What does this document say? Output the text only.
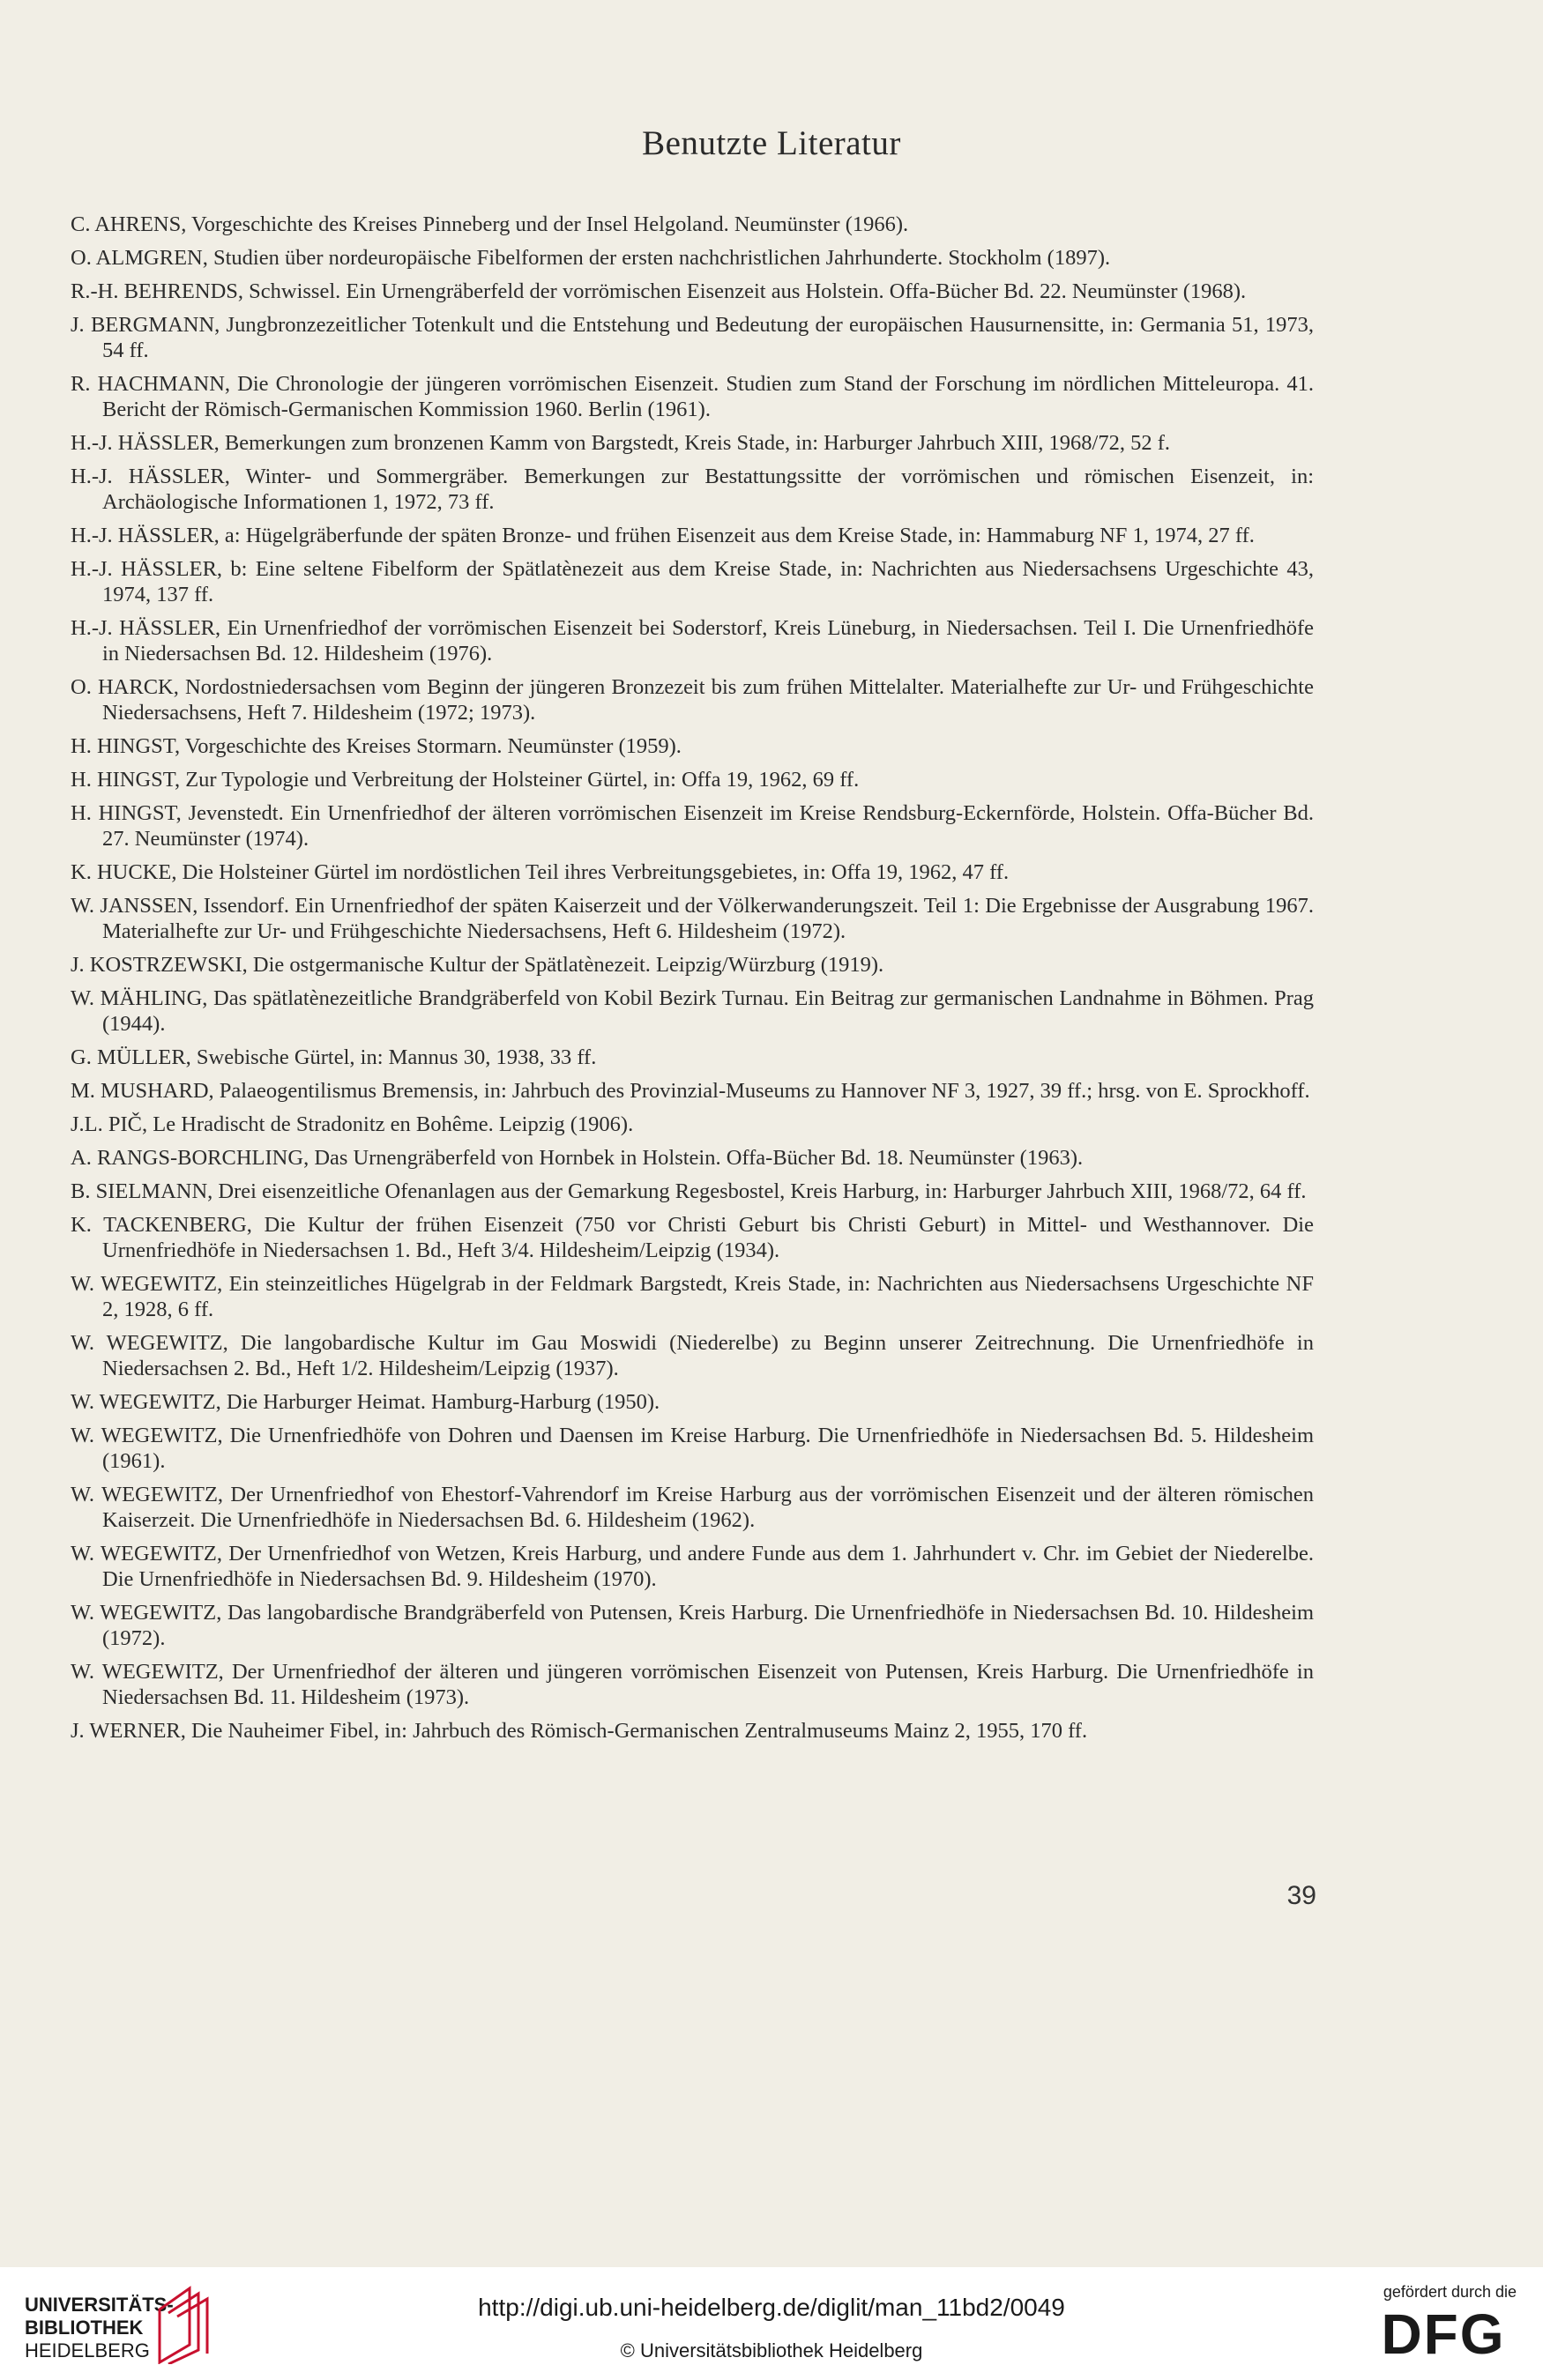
Benutzte Literatur
C. AHRENS, Vorgeschichte des Kreises Pinneberg und der Insel Helgoland. Neumünster (1966).
O. ALMGREN, Studien über nordeuropäische Fibelformen der ersten nachchristlichen Jahrhunderte. Stockholm (1897).
R.-H. BEHRENDS, Schwissel. Ein Urnengräberfeld der vorrömischen Eisenzeit aus Holstein. Offa-Bücher Bd. 22. Neumünster (1968).
J. BERGMANN, Jungbronzezeitlicher Totenkult und die Entstehung und Bedeutung der europäischen Hausurnensitte, in: Germania 51, 1973, 54 ff.
R. HACHMANN, Die Chronologie der jüngeren vorrömischen Eisenzeit. Studien zum Stand der Forschung im nördlichen Mitteleuropa. 41. Bericht der Römisch-Germanischen Kommission 1960. Berlin (1961).
H.-J. HÄSSLER, Bemerkungen zum bronzenen Kamm von Bargstedt, Kreis Stade, in: Harburger Jahrbuch XIII, 1968/72, 52 f.
H.-J. HÄSSLER, Winter- und Sommergräber. Bemerkungen zur Bestattungssitte der vorrömischen und römischen Eisenzeit, in: Archäologische Informationen 1, 1972, 73 ff.
H.-J. HÄSSLER, a: Hügelgräberfunde der späten Bronze- und frühen Eisenzeit aus dem Kreise Stade, in: Hammaburg NF 1, 1974, 27 ff.
H.-J. HÄSSLER, b: Eine seltene Fibelform der Spätlatènezeit aus dem Kreise Stade, in: Nachrichten aus Niedersachsens Urgeschichte 43, 1974, 137 ff.
H.-J. HÄSSLER, Ein Urnenfriedhof der vorrömischen Eisenzeit bei Soderstorf, Kreis Lüneburg, in Niedersachsen. Teil I. Die Urnenfriedhöfe in Niedersachsen Bd. 12. Hildesheim (1976).
O. HARCK, Nordostniedersachsen vom Beginn der jüngeren Bronzezeit bis zum frühen Mittelalter. Materialhefte zur Ur- und Frühgeschichte Niedersachsens, Heft 7. Hildesheim (1972; 1973).
H. HINGST, Vorgeschichte des Kreises Stormarn. Neumünster (1959).
H. HINGST, Zur Typologie und Verbreitung der Holsteiner Gürtel, in: Offa 19, 1962, 69 ff.
H. HINGST, Jevenstedt. Ein Urnenfriedhof der älteren vorrömischen Eisenzeit im Kreise Rendsburg-Eckernförde, Holstein. Offa-Bücher Bd. 27. Neumünster (1974).
K. HUCKE, Die Holsteiner Gürtel im nordöstlichen Teil ihres Verbreitungsgebietes, in: Offa 19, 1962, 47 ff.
W. JANSSEN, Issendorf. Ein Urnenfriedhof der späten Kaiserzeit und der Völkerwanderungszeit. Teil 1: Die Ergebnisse der Ausgrabung 1967. Materialhefte zur Ur- und Frühgeschichte Niedersachsens, Heft 6. Hildesheim (1972).
J. KOSTRZEWSKI, Die ostgermanische Kultur der Spätlatènezeit. Leipzig/Würzburg (1919).
W. MÄHLING, Das spätlatènezeitliche Brandgräberfeld von Kobil Bezirk Turnau. Ein Beitrag zur germanischen Landnahme in Böhmen. Prag (1944).
G. MÜLLER, Swebische Gürtel, in: Mannus 30, 1938, 33 ff.
M. MUSHARD, Palaeogentilismus Bremensis, in: Jahrbuch des Provinzial-Museums zu Hannover NF 3, 1927, 39 ff.; hrsg. von E. Sprockhoff.
J.L. PIČ, Le Hradischt de Stradonitz en Bohême. Leipzig (1906).
A. RANGS-BORCHLING, Das Urnengräberfeld von Hornbek in Holstein. Offa-Bücher Bd. 18. Neumünster (1963).
B. SIELMANN, Drei eisenzeitliche Ofenanlagen aus der Gemarkung Regesbostel, Kreis Harburg, in: Harburger Jahrbuch XIII, 1968/72, 64 ff.
K. TACKENBERG, Die Kultur der frühen Eisenzeit (750 vor Christi Geburt bis Christi Geburt) in Mittel- und Westhannover. Die Urnenfriedhöfe in Niedersachsen 1. Bd., Heft 3/4. Hildesheim/Leipzig (1934).
W. WEGEWITZ, Ein steinzeitliches Hügelgrab in der Feldmark Bargstedt, Kreis Stade, in: Nachrichten aus Niedersachsens Urgeschichte NF 2, 1928, 6 ff.
W. WEGEWITZ, Die langobardische Kultur im Gau Moswidi (Niederelbe) zu Beginn unserer Zeitrechnung. Die Urnenfriedhöfe in Niedersachsen 2. Bd., Heft 1/2. Hildesheim/Leipzig (1937).
W. WEGEWITZ, Die Harburger Heimat. Hamburg-Harburg (1950).
W. WEGEWITZ, Die Urnenfriedhöfe von Dohren und Daensen im Kreise Harburg. Die Urnenfriedhöfe in Niedersachsen Bd. 5. Hildesheim (1961).
W. WEGEWITZ, Der Urnenfriedhof von Ehestorf-Vahrendorf im Kreise Harburg aus der vorrömischen Eisenzeit und der älteren römischen Kaiserzeit. Die Urnenfriedhöfe in Niedersachsen Bd. 6. Hildesheim (1962).
W. WEGEWITZ, Der Urnenfriedhof von Wetzen, Kreis Harburg, und andere Funde aus dem 1. Jahrhundert v. Chr. im Gebiet der Niederelbe. Die Urnenfriedhöfe in Niedersachsen Bd. 9. Hildesheim (1970).
W. WEGEWITZ, Das langobardische Brandgräberfeld von Putensen, Kreis Harburg. Die Urnenfriedhöfe in Niedersachsen Bd. 10. Hildesheim (1972).
W. WEGEWITZ, Der Urnenfriedhof der älteren und jüngeren vorrömischen Eisenzeit von Putensen, Kreis Harburg. Die Urnenfriedhöfe in Niedersachsen Bd. 11. Hildesheim (1973).
J. WERNER, Die Nauheimer Fibel, in: Jahrbuch des Römisch-Germanischen Zentralmuseums Mainz 2, 1955, 170 ff.
39
UNIVERSITÄTS-
BIBLIOTHEK
HEIDELBERG
http://digi.ub.uni-heidelberg.de/diglit/man_11bd2/0049
© Universitätsbibliothek Heidelberg
gefördert durch die
DFG
